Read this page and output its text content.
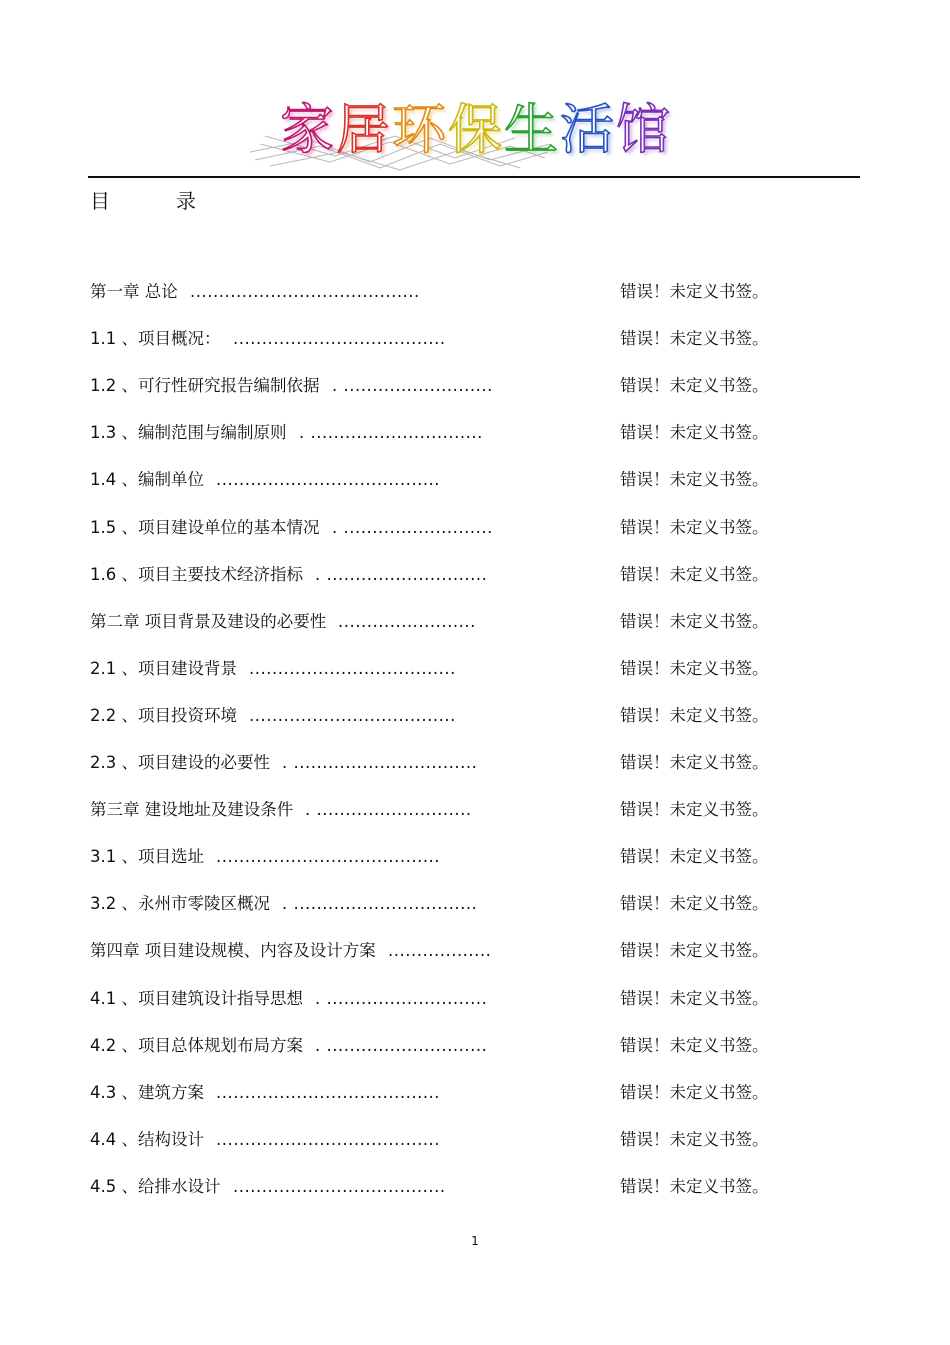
家居环保生活馆
目	录
第一章 总论 ........................................	错误！未定义书签。
1.1 、项目概况： .....................................	错误！未定义书签。
1.2 、可行性研究报告编制依据 . ..........................	错误！未定义书签。
1.3 、编制范围与编制原则 . ..............................	错误！未定义书签。
1.4 、编制单位 .......................................	错误！未定义书签。
1.5 、项目建设单位的基本情况 . ..........................	错误！未定义书签。
1.6 、项目主要技术经济指标 . ............................	错误！未定义书签。
第二章 项目背景及建设的必要性 ........................	错误！未定义书签。
2.1 、项目建设背景 ....................................	错误！未定义书签。
2.2 、项目投资环境 ....................................	错误！未定义书签。
2.3 、项目建设的必要性 . ................................	错误！未定义书签。
第三章 建设地址及建设条件 . ...........................	错误！未定义书签。
3.1 、项目选址 .......................................	错误！未定义书签。
3.2 、永州市零陵区概况 . ................................	错误！未定义书签。
第四章 项目建设规模、内容及设计方案 ..................	错误！未定义书签。
4.1 、项目建筑设计指导思想 . ............................	错误！未定义书签。
4.2 、项目总体规划布局方案 . ............................	错误！未定义书签。
4.3 、建筑方案 .......................................	错误！未定义书签。
4.4 、结构设计 .......................................	错误！未定义书签。
4.5 、给排水设计 .....................................	错误！未定义书签。
1
